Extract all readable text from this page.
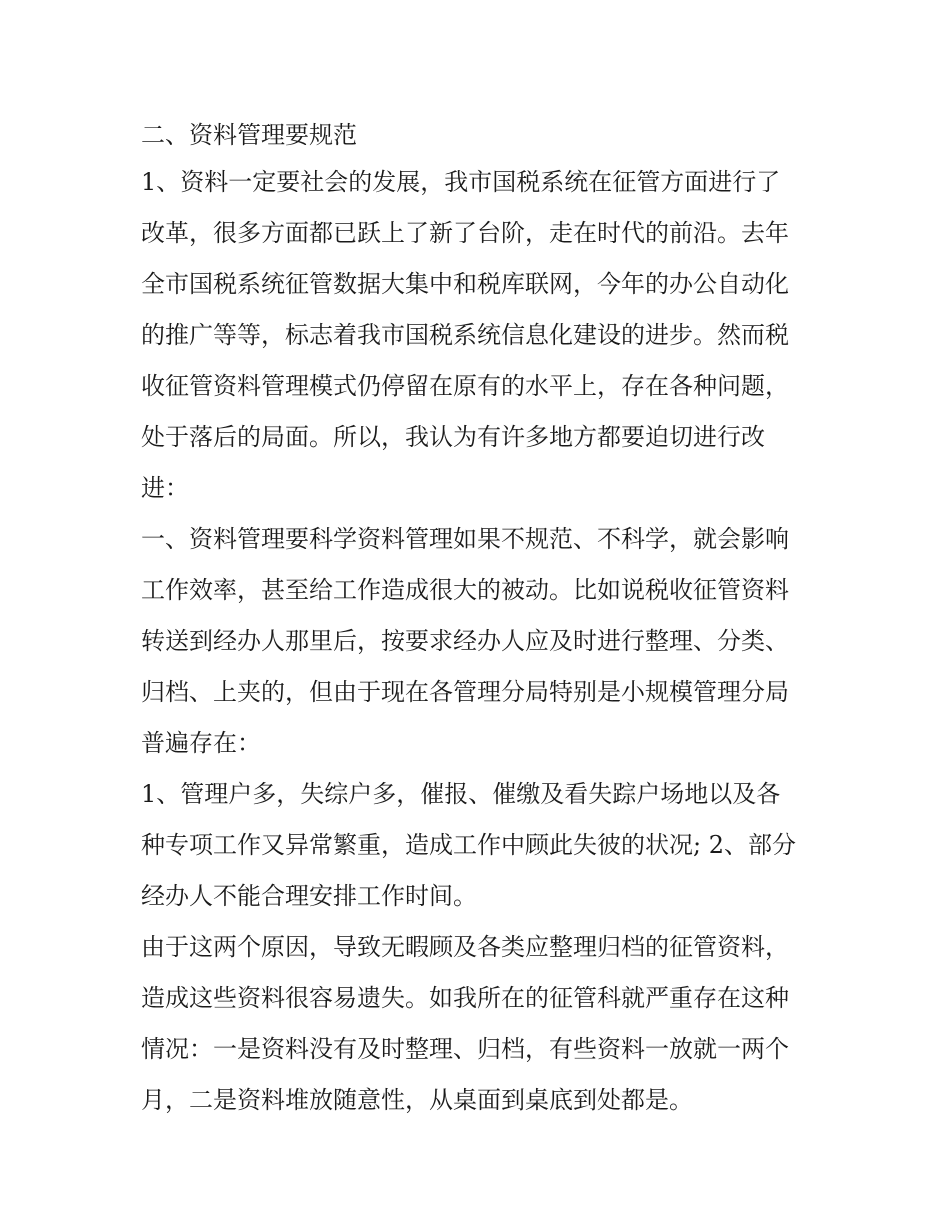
二、资料管理要规范
1、资料一定要社会的发展，我市国税系统在征管方面进行了
改革，很多方面都已跃上了新了台阶，走在时代的前沿。去年
全市国税系统征管数据大集中和税库联网，今年的办公自动化
的推广等等，标志着我市国税系统信息化建设的进步。然而税
收征管资料管理模式仍停留在原有的水平上，存在各种问题，
处于落后的局面。所以，我认为有许多地方都要迫切进行改
进：
一、资料管理要科学资料管理如果不规范、不科学，就会影响
工作效率，甚至给工作造成很大的被动。比如说税收征管资料
转送到经办人那里后，按要求经办人应及时进行整理、分类、
归档、上夹的，但由于现在各管理分局特别是小规模管理分局
普遍存在：
1、管理户多，失综户多，催报、催缴及看失踪户场地以及各
种专项工作又异常繁重，造成工作中顾此失彼的状况; 2、部分
经办人不能合理安排工作时间。
由于这两个原因，导致无暇顾及各类应整理归档的征管资料，
造成这些资料很容易遗失。如我所在的征管科就严重存在这种
情况：一是资料没有及时整理、归档，有些资料一放就一两个
月，二是资料堆放随意性，从桌面到桌底到处都是。
